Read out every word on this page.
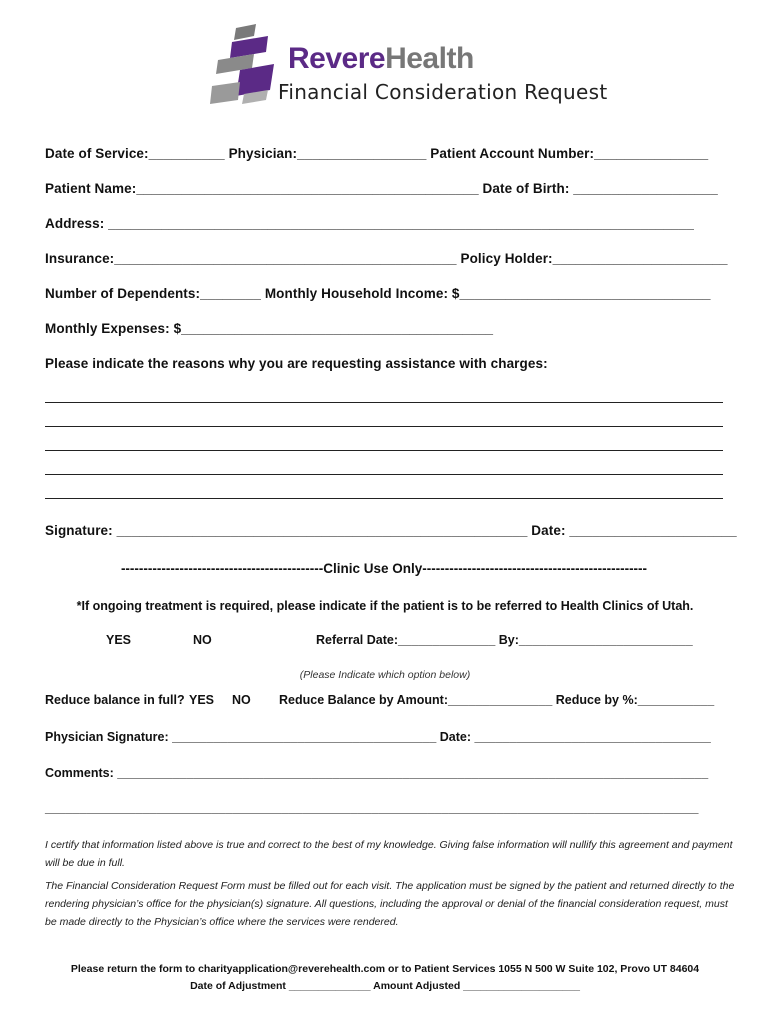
RevereHealth
Financial Consideration Request
Date of Service:__________ Physician:_________________ Patient Account Number:_______________
Patient Name:_____________________________________________ Date of Birth: ___________________
Address: _____________________________________________________________________________
Insurance:_____________________________________________ Policy Holder:_______________________
Number of Dependents:________ Monthly Household Income: $_________________________________
Monthly Expenses: $_________________________________________
Please indicate the reasons why you are requesting assistance with charges:
Signature: ______________________________________________________ Date: ______________________
---------------------------------------------Clinic Use Only--------------------------------------------------
*If ongoing treatment is required, please indicate if the patient is to be referred to Health Clinics of Utah.
YES	NO	Referral Date:______________ By:_________________________
(Please Indicate which option below)
Reduce balance in full? YES NO Reduce Balance by Amount:_______________ Reduce by %:___________
Physician Signature: ______________________________________ Date: __________________________________
Comments: _____________________________________________________________________________________
______________________________________________________________________________________________
I certify that information listed above is true and correct to the best of my knowledge. Giving false information will nullify this agreement and payment will be due in full.
The Financial Consideration Request Form must be filled out for each visit. The application must be signed by the patient and returned directly to the rendering physician’s office for the physician(s) signature. All questions, including the approval or denial of the financial consideration request, must be made directly to the Physician’s office where the services were rendered.
Please return the form to charityapplication@reverehealth.com or to Patient Services 1055 N 500 W Suite 102, Provo UT 84604
Date of Adjustment ______________ Amount Adjusted ____________________
